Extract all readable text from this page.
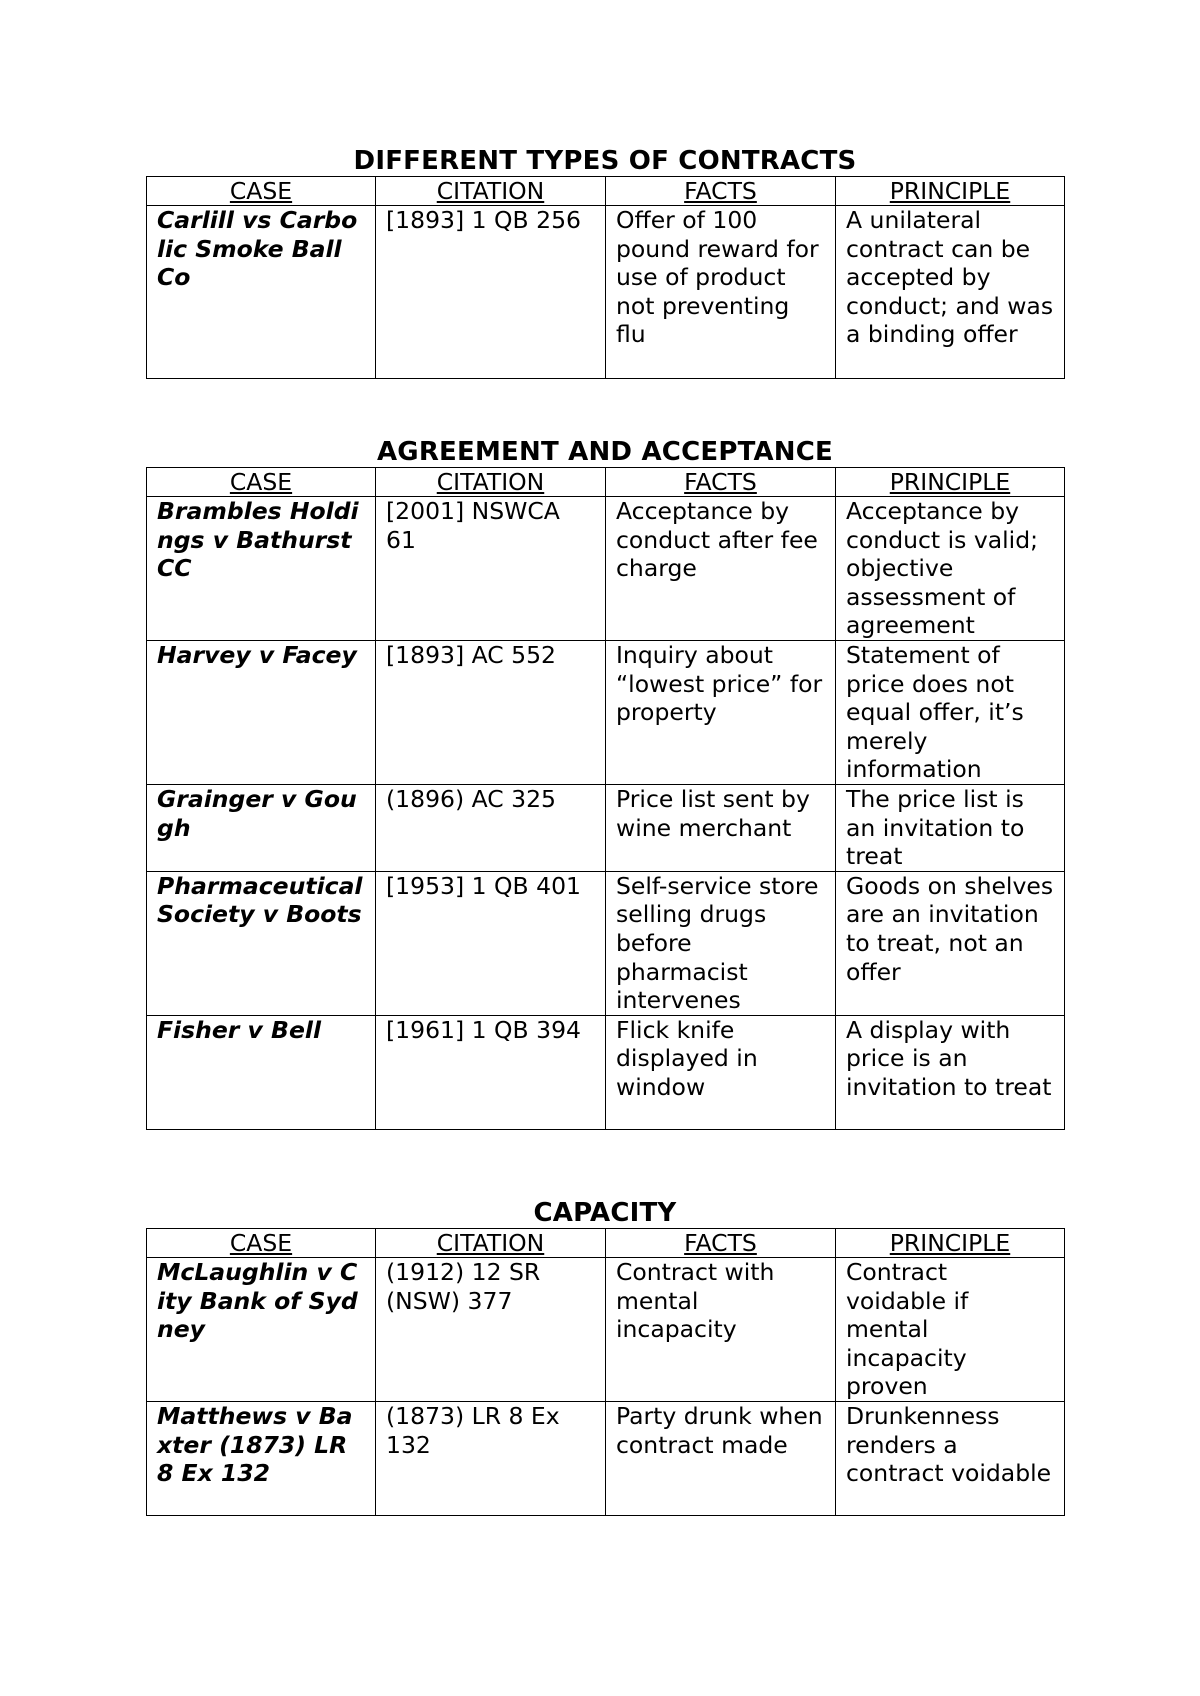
DIFFERENT TYPES OF CONTRACTS
CASE	CITATION	FACTS	PRINCIPLE
Carlill vs Carbolic Smoke Ball Co	[1893] 1 QB 256	Offer of 100 pound reward for use of product not preventing flu	A unilateral contract can be accepted by conduct; and was a binding offer
AGREEMENT AND ACCEPTANCE
CASE	CITATION	FACTS	PRINCIPLE
Brambles Holdings v Bathurst CC	[2001] NSWCA 61	Acceptance by conduct after fee charge	Acceptance by conduct is valid; objective assessment of agreement
Harvey v Facey	[1893] AC 552	Inquiry about “lowest price” for property	Statement of price does not equal offer, it’s merely information
Grainger v Gough	(1896) AC 325	Price list sent by wine merchant	The price list is an invitation to treat
Pharmaceutical Society v Boots	[1953] 1 QB 401	Self-service store selling drugs before pharmacist intervenes	Goods on shelves are an invitation to treat, not an offer
Fisher v Bell	[1961] 1 QB 394	Flick knife displayed in window	A display with price is an invitation to treat
CAPACITY
CASE	CITATION	FACTS	PRINCIPLE
McLaughlin v City Bank of Sydney	(1912) 12 SR (NSW) 377	Contract with mental incapacity	Contract voidable if mental incapacity proven
Matthews v Baxter (1873) LR 8 Ex 132	(1873) LR 8 Ex 132	Party drunk when contract made	Drunkenness renders a contract voidable
